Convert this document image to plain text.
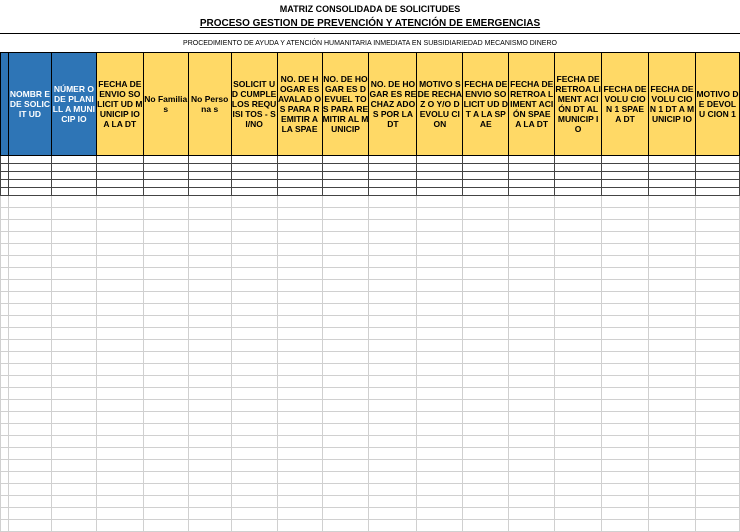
MATRIZ CONSOLIDADA DE SOLICITUDES
PROCESO GESTION DE PREVENCIÓN Y ATENCIÓN DE EMERGENCIAS
PROCEDIMIENTO DE AYUDA Y ATENCIÓN HUMANITARIA INMEDIATA EN SUBSIDIARIEDAD MECANISMO DINERO
	NOMBR E DE SOLICIT UD	NÚMER O DE PLANILL A MUNICIP IO	FECHA DE ENVIO SOLICIT UD MUNICIP IO A LA DT	No Familias	No Persona s	SOLICIT UD CUMPLE LOS REQUISI TOS - SI/NO	NO. DE HOGAR ES AVALAD OS PARA REMITIR A LA SPAE	NO. DE HOGAR ES DEVUEL TOS PARA REMITIR AL MUNICIP	NO. DE HOGAR ES RECHAZ ADOS POR LA DT	MOTIVO S DE RECHAZ O Y/O DEVOLU CION	FECHA DE ENVIO SOLICIT UD DT A LA SPAE	FECHA DE RETROA LIMENT ACIÓN SPAE A LA DT	FECHA DE RETROA LIMENT ACIÓN DT AL MUNICIP IO	FECHA DEVOLU CION 1 SPAE A DT	FECHA DEVOLU CION 1 DT A MUNICIP IO	MOTIVO DE DEVOLU CION 1
